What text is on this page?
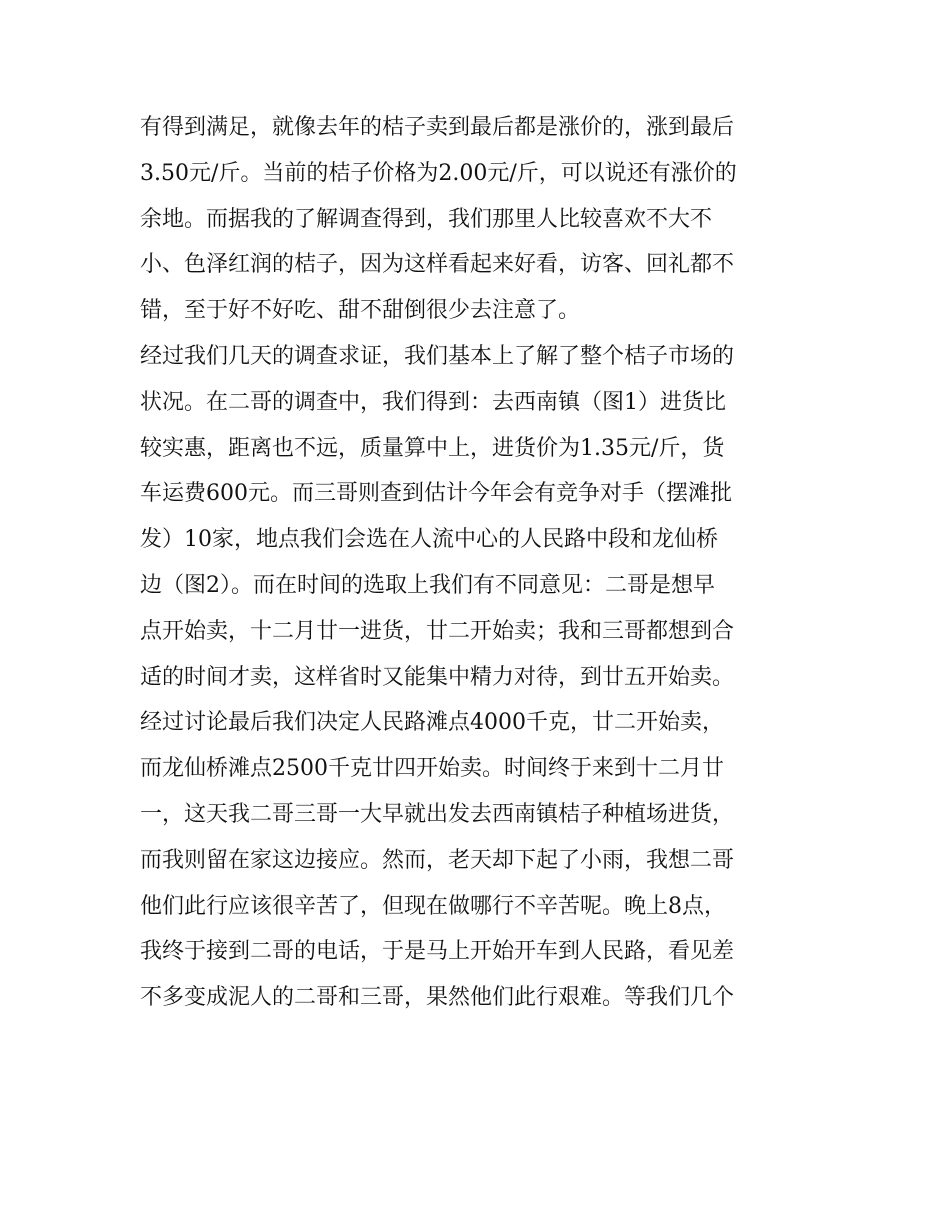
有得到满足，就像去年的桔子卖到最后都是涨价的，涨到最后
3.50元/斤。当前的桔子价格为2.00元/斤，可以说还有涨价的
余地。而据我的了解调查得到，我们那里人比较喜欢不大不
小、色泽红润的桔子，因为这样看起来好看，访客、回礼都不
错，至于好不好吃、甜不甜倒很少去注意了。
经过我们几天的调查求证，我们基本上了解了整个桔子市场的
状况。在二哥的调查中，我们得到：去西南镇（图1）进货比
较实惠，距离也不远，质量算中上，进货价为1.35元/斤，货
车运费600元。而三哥则查到估计今年会有竞争对手（摆滩批
发）10家，地点我们会选在人流中心的人民路中段和龙仙桥
边（图2）。而在时间的选取上我们有不同意见：二哥是想早
点开始卖，十二月廿一进货，廿二开始卖；我和三哥都想到合
适的时间才卖，这样省时又能集中精力对待，到廿五开始卖。
经过讨论最后我们决定人民路滩点4000千克，廿二开始卖，
而龙仙桥滩点2500千克廿四开始卖。时间终于来到十二月廿
一，这天我二哥三哥一大早就出发去西南镇桔子种植场进货，
而我则留在家这边接应。然而，老天却下起了小雨，我想二哥
他们此行应该很辛苦了，但现在做哪行不辛苦呢。晚上8点，
我终于接到二哥的电话，于是马上开始开车到人民路，看见差
不多变成泥人的二哥和三哥，果然他们此行艰难。等我们几个
